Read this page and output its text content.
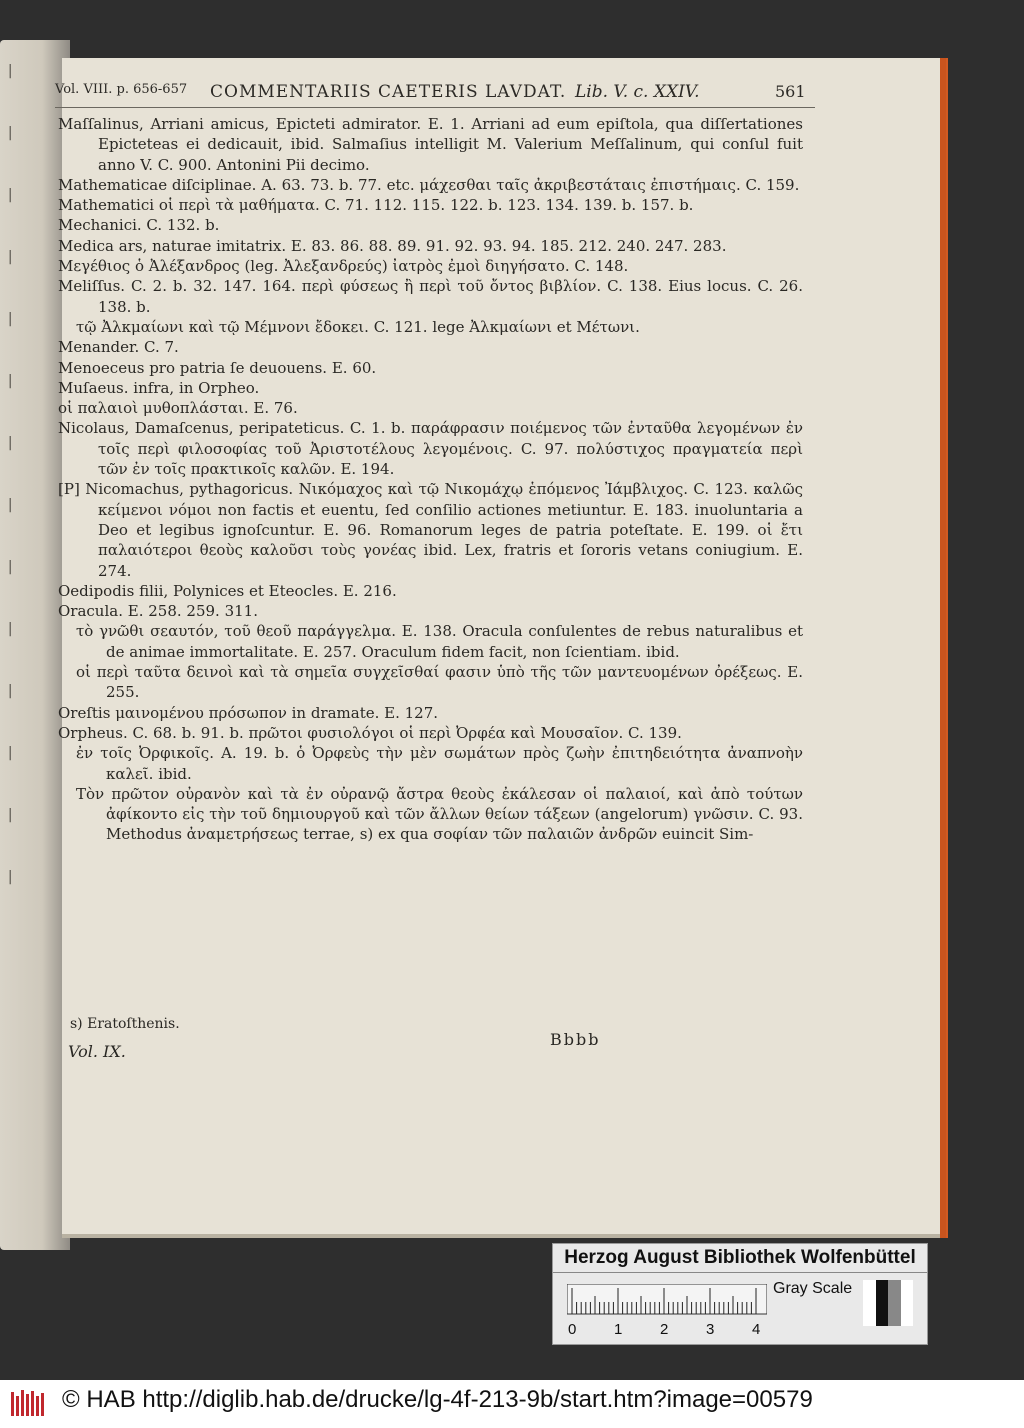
|
|
|
|
|
|
|
|
|
|
|
|
|
|
Vol. VIII. p. 656-657 COMMENTARIIS CAETERIS LAVDAT. Lib. V. c. XXIV.	561

Maſſalinus, Arriani amicus, Epicteti admirator. E. 1. Arriani ad eum epiſtola, qua diſſertationes Epicteteas ei dedicauit, ibid. Salmaſius intelligit M. Valerium Meſſalinum, qui conſul fuit anno V. C. 900. Antonini Pii decimo.

Mathematicae diſciplinae. A. 63. 73. b. 77. etc. μάχεσθαι ταῖς ἀκριβεστάταις ἐπιστήμαις. C. 159.

Mathematici οἱ περὶ τὰ μαθήματα. C. 71. 112. 115. 122. b. 123. 134. 139. b. 157. b.

Mechanici. C. 132. b.

Medica ars, naturae imitatrix. E. 83. 86. 88. 89. 91. 92. 93. 94. 185. 212. 240. 247. 283.

Μεγέθιος ὁ Ἀλέξανδρος (leg. Ἀλεξανδρεύς) ἰατρὸς ἐμοὶ διηγήσατο. C. 148.

Meliſſus. C. 2. b. 32. 147. 164. περὶ φύσεως ἢ περὶ τοῦ ὄντος βιβλίον. C. 138. Eius locus. C. 26. 138. b.

τῷ Ἀλκμαίωνι καὶ τῷ Μέμνονι ἔδοκει. C. 121. lege Ἀλκμαίωνι et Μέτωνι.

Menander. C. 7.

Menoeceus pro patria ſe deuouens. E. 60.

Muſaeus. infra, in Orpheo.

οἱ παλαιοὶ μυθοπλάσται. E. 76.

Nicolaus, Damaſcenus, peripateticus. C. 1. b. παράφρασιν ποιέμενος τῶν ἐνταῦθα λεγομένων ἐν τοῖς περὶ φιλοσοφίας τοῦ Ἀριστοτέλους λεγομένοις. C. 97. πολύστιχος πραγματεία περὶ τῶν ἐν τοῖς πρακτικοῖς καλῶν. E. 194.

[P] Nicomachus, pythagoricus. Νικόμαχος καὶ τῷ Νικομάχῳ ἑπόμενος Ἰάμβλιχος. C. 123. καλῶς κείμενοι νόμοι non factis et euentu, ſed conſilio actiones metiuntur. E. 183. inuoluntaria a Deo et legibus ignoſcuntur. E. 96. Romanorum leges de patria poteſtate. E. 199. οἱ ἔτι παλαιότεροι θεοὺς καλοῦσι τοὺς γονέας ibid. Lex, fratris et ſororis vetans coniugium. E. 274.

Oedipodis filii, Polynices et Eteocles. E. 216.

Oracula. E. 258. 259. 311.

τὸ γνῶθι σεαυτόν, τοῦ θεοῦ παράγγελμα. E. 138. Oracula conſulentes de rebus naturalibus et de animae immortalitate. E. 257. Oraculum fidem facit, non ſcientiam. ibid.

οἱ περὶ ταῦτα δεινοὶ καὶ τὰ σημεῖα συγχεῖσθαί φασιν ὑπὸ τῆς τῶν μαντευομένων ὀρέξεως. E. 255.

Oreſtis μαινομένου πρόσωπον in dramate. E. 127.

Orpheus. C. 68. b. 91. b. πρῶτοι φυσιολόγοι οἱ περὶ Ὀρφέα καὶ Μουσαῖον. C. 139.

ἐν τοῖς Ὀρφικοῖς. A. 19. b. ὁ Ὀρφεὺς τὴν μὲν σωμάτων πρὸς ζωὴν ἐπιτηδειότητα ἀναπνοὴν καλεῖ. ibid.

Τὸν πρῶτον οὐρανὸν καὶ τὰ ἐν οὐρανῷ ἄστρα θεοὺς ἐκάλεσαν οἱ παλαιοί, καὶ ἀπὸ τούτων ἀφίκοντο εἰς τὴν τοῦ δημιουργοῦ καὶ τῶν ἄλλων θείων τάξεων (angelorum) γνῶσιν. C. 93. Methodus ἀναμετρήσεως terrae, s) ex qua σοφίαν τῶν παλαιῶν ἀνδρῶν euincit Sim-

s) Eratoſthenis.
Vol. IX.
Bbbb
Herzog August Bibliothek Wolfenbüttel
0	1	2	3	4
Gray Scale
© HAB http://diglib.hab.de/drucke/lg-4f-213-9b/start.htm?image=00579
